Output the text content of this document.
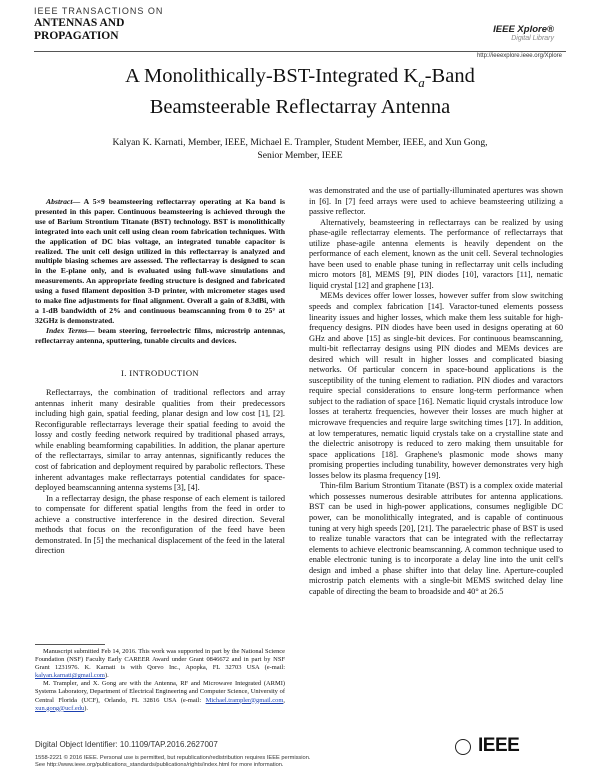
IEEE TRANSACTIONS ON
ANTENNAS AND
PROPAGATION	IEEE Xplore®
Digital Library
http://ieeexplore.ieee.org/Xplore
A Monolithically-BST-Integrated $K_a$-Band
Beamsteerable Reflectarray Antenna
Kalyan K. Karnati, Member, IEEE, Michael E. Trampler, Student Member, IEEE, and Xun Gong,
Senior Member, IEEE

Abstract— A 5×9 beamsteering reflectarray operating at Ka band is presented in this paper. Continuous beamsteering is achieved through the use of Barium Strontium Titanate (BST) technology. BST is monolithically integrated into each unit cell using clean room fabrication techniques. With the application of DC bias voltage, an integrated tunable capacitor is realized. The unit cell design utilized in this reflectarray is analyzed and multiple biasing schemes are assessed. The reflectarray is designed to scan in the E-plane only, and is evaluated using full-wave simulations and measurements. An appropriate feeding structure is designed and fabricated using a fused filament deposition 3-D printer, with micrometer stages used to make fine adjustments for final alignment. Overall a gain of 8.3dBi, with a 1-dB bandwidth of 2% and continuous beamscanning from 0 to 25° at 32GHz is demonstrated.

Index Terms— beam steering, ferroelectric films, microstrip antennas, reflectarray antenna, sputtering, tunable circuits and devices.

I. INTRODUCTION

Reflectarrays, the combination of traditional reflectors and array antennas inherit many desirable qualities from their predecessors including high gain, spatial feeding, planar design and low cost [1], [2]. Reconfigurable reflectarrays leverage their spatial feeding to avoid the lossy and costly feeding network required by traditional phased arrays, while enabling beamforming capabilities. In addition, the planar aperture of the reflectarrays, similar to array antennas, significantly reduces the cost of fabrication and deployment required by parabolic reflectors. These inherent advantages make reflectarrays potential candidates for space-deployed beamscanning antenna systems [3], [4].

In a reflectarray design, the phase response of each element is tailored to compensate for different spatial lengths from the feed in order to achieve a constructive interference in the desired direction. Several methods that focus on the reconfiguration of the feed have been demonstrated. In [5] the mechanical displacement of the feed in the lateral direction

Manuscript submitted Feb 14, 2016. This work was supported in part by the National Science Foundation (NSF) Faculty Early CAREER Award under Grant 0846672 and in part by NSF Grant 1231976. K. Karnati is with Qorvo Inc., Apopka, FL 32703 USA (e-mail: kalyan.karnati@gmail.com).

M. Trampler, and X. Gong are with the Antenna, RF and Microwave Integrated (ARMI) Systems Laboratory, Department of Electrical Engineering and Computer Science, University of Central Florida (UCF), Orlando, FL 32816 USA (e-mail: Michael.trampler@gmail.com, xun.gong@ucf.edu).

was demonstrated and the use of partially-illuminated apertures was shown in [6]. In [7] feed arrays were used to achieve beamsteering utilizing a passive reflector.

Alternatively, beamsteering in reflectarrays can be realized by using phase-agile reflectarray elements. The performance of reflectarrays that utilize phase-agile antenna elements is heavily dependent on the performance of each element, known as the unit cell. Several technologies have been used to enable phase tuning in reflectarray unit cells including micro motors [8], MEMS [9], PIN diodes [10], varactors [11], nematic liquid crystal [12] and graphene [13].

MEMs devices offer lower losses, however suffer from slow switching speeds and complex fabrication [14]. Varactor-tuned elements possess linearity issues and higher losses, which make them less suitable for high-frequency designs. PIN diodes have been used in designs operating at 60 GHz and above [15] as single-bit devices. For continuous beamscanning, multi-bit reflectarray designs using PIN diodes and MEMs devices are desired which will result in higher losses and complicated biasing networks. Of particular concern in space-bound applications is the susceptibility of the tuning element to radiation. PIN diodes and varactors require special considerations to ensure long-term performance when subject to the radiation of space [16]. Nematic liquid crystals introduce low losses at terahertz frequencies, however their losses are much higher at microwave frequencies and require large switching times [17]. In addition, at low temperatures, nematic liquid crystals take on a crystalline state and the dielectric anisotropy is reduced to zero making them unsuitable for space applications [18]. Graphene's plasmonic mode shows many promising properties including tunability, however demonstrates very high losses below its plasma frequency [19].

Thin-film Barium Strontium Titanate (BST) is a complex oxide material which possesses numerous desirable attributes for antenna applications. BST can be used in high-power applications, consumes negligible DC power, can be monolithically integrated, and is capable of continuous tuning at very high speeds [20], [21]. The paraelectric phase of BST is used to realize tunable varactors that can be integrated with the reflectarray elements to achieve electronic beamscanning. A common technique used to enable electronic tuning is to incorporate a delay line into the unit cell's design and imbed a phase shifter into that delay line. Aperture-coupled microstrip patch elements with a single-bit MEMS switched delay line capable of directing the beam to broadside and 40° at 26.5

Digital Object Identifier: 10.1109/TAP.2016.2627007
1558-2221 © 2016 IEEE. Personal use is permitted, but republication/redistribution requires IEEE permission.
See http://www.ieee.org/publications_standards/publications/rights/index.html for more information.
IEEE
